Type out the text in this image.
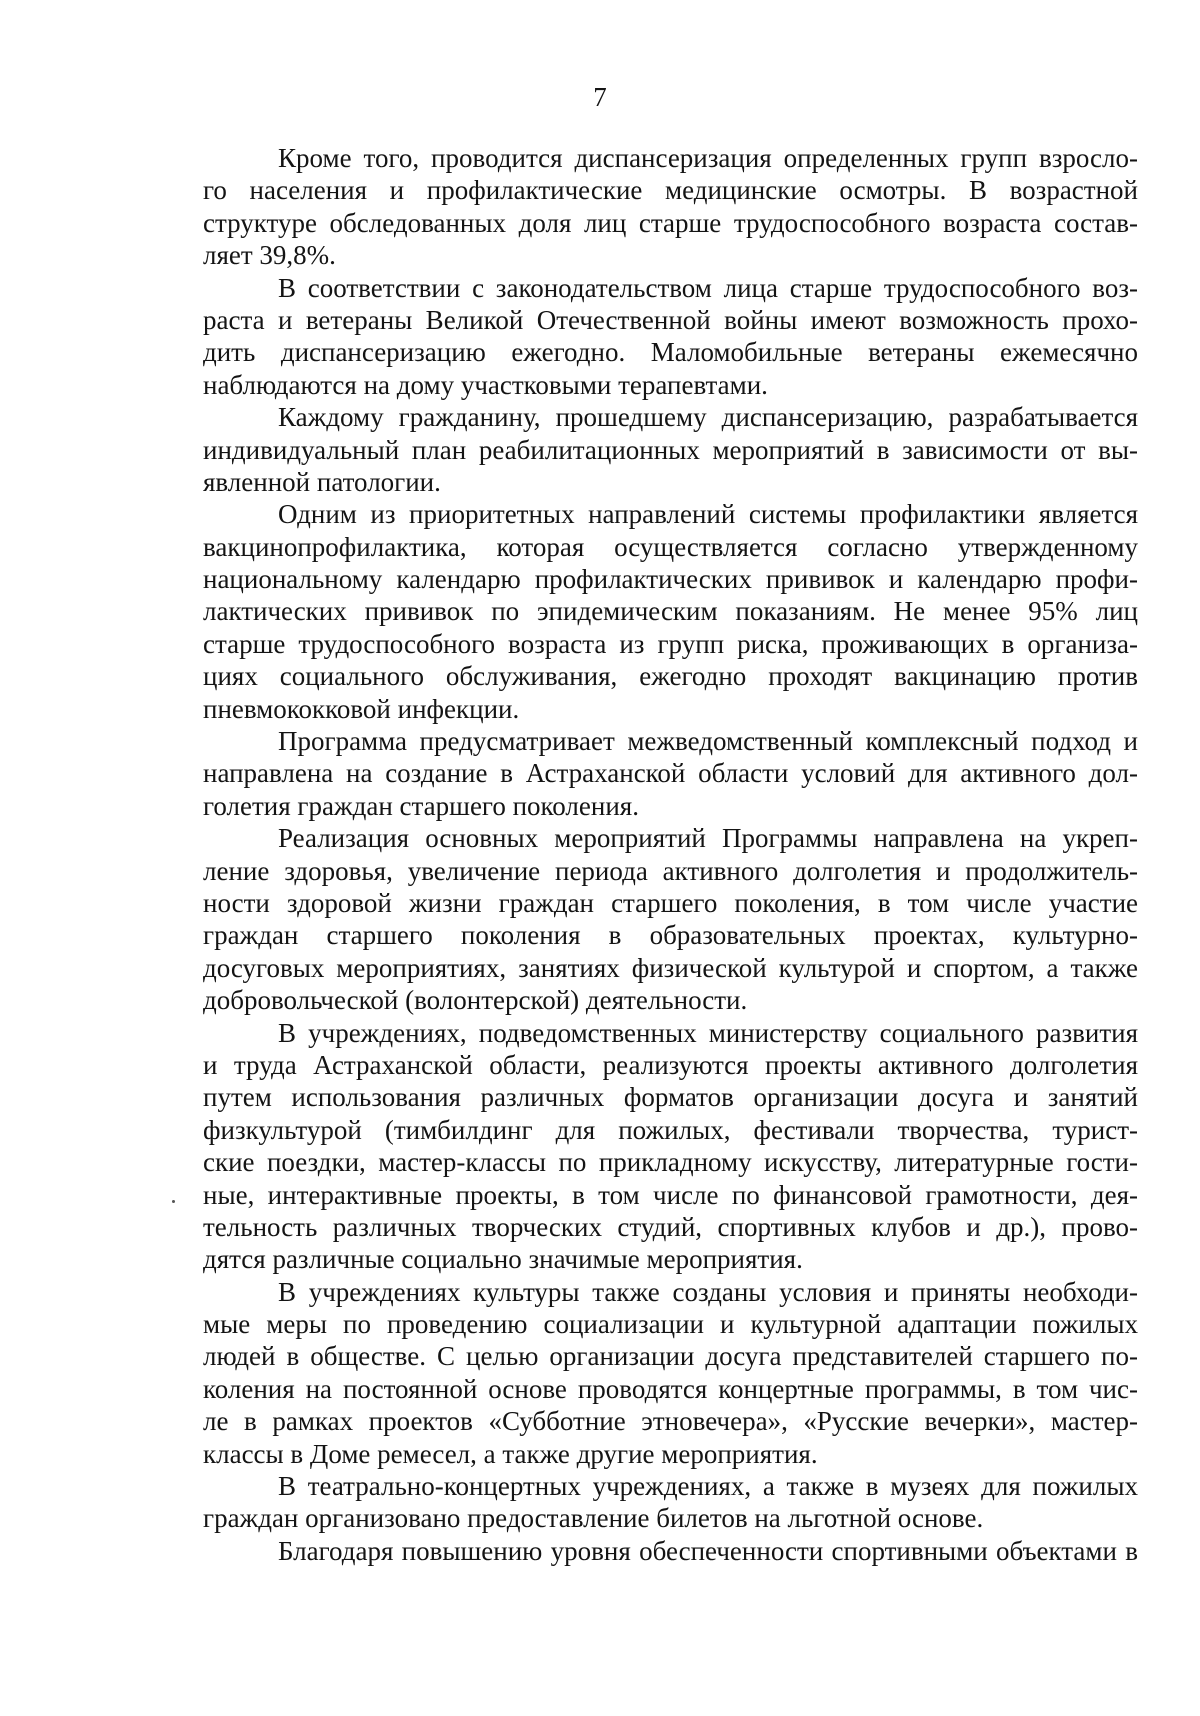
7

Кроме того, проводится диспансеризация определенных групп взросло-
го населения и профилактические медицинские осмотры. В возрастной
структуре обследованных доля лиц старше трудоспособного возраста состав-
ляет 39,8%.
В соответствии с законодательством лица старше трудоспособного воз-
раста и ветераны Великой Отечественной войны имеют возможность прохо-
дить диспансеризацию ежегодно. Маломобильные ветераны ежемесячно
наблюдаются на дому участковыми терапевтами.
Каждому гражданину, прошедшему диспансеризацию, разрабатывается
индивидуальный план реабилитационных мероприятий в зависимости от вы-
явленной патологии.
Одним из приоритетных направлений системы профилактики является
вакцинопрофилактика, которая осуществляется согласно утвержденному
национальному календарю профилактических прививок и календарю профи-
лактических прививок по эпидемическим показаниям. Не менее 95% лиц
старше трудоспособного возраста из групп риска, проживающих в организа-
циях социального обслуживания, ежегодно проходят вакцинацию против
пневмококковой инфекции.
Программа предусматривает межведомственный комплексный подход и
направлена на создание в Астраханской области условий для активного дол-
голетия граждан старшего поколения.
Реализация основных мероприятий Программы направлена на укреп-
ление здоровья, увеличение периода активного долголетия и продолжитель-
ности здоровой жизни граждан старшего поколения, в том числе участие
граждан старшего поколения в образовательных проектах, культурно-
досуговых мероприятиях, занятиях физической культурой и спортом, а также
добровольческой (волонтерской) деятельности.
В учреждениях, подведомственных министерству социального развития
и труда Астраханской области, реализуются проекты активного долголетия
путем использования различных форматов организации досуга и занятий
физкультурой (тимбилдинг для пожилых, фестивали творчества, турист-
ские поездки, мастер-классы по прикладному искусству, литературные гости-
ные, интерактивные проекты, в том числе по финансовой грамотности, дея-
тельность различных творческих студий, спортивных клубов и др.), прово-
дятся различные социально значимые мероприятия.
В учреждениях культуры также созданы условия и приняты необходи-
мые меры по проведению социализации и культурной адаптации пожилых
людей в обществе. С целью организации досуга представителей старшего по-
коления на постоянной основе проводятся концертные программы, в том чис-
ле в рамках проектов «Субботние этновечера», «Русские вечерки», мастер-
классы в Доме ремесел, а также другие мероприятия.
В театрально-концертных учреждениях, а также в музеях для пожилых
граждан организовано предоставление билетов на льготной основе.
Благодаря повышению уровня обеспеченности спортивными объектами в
